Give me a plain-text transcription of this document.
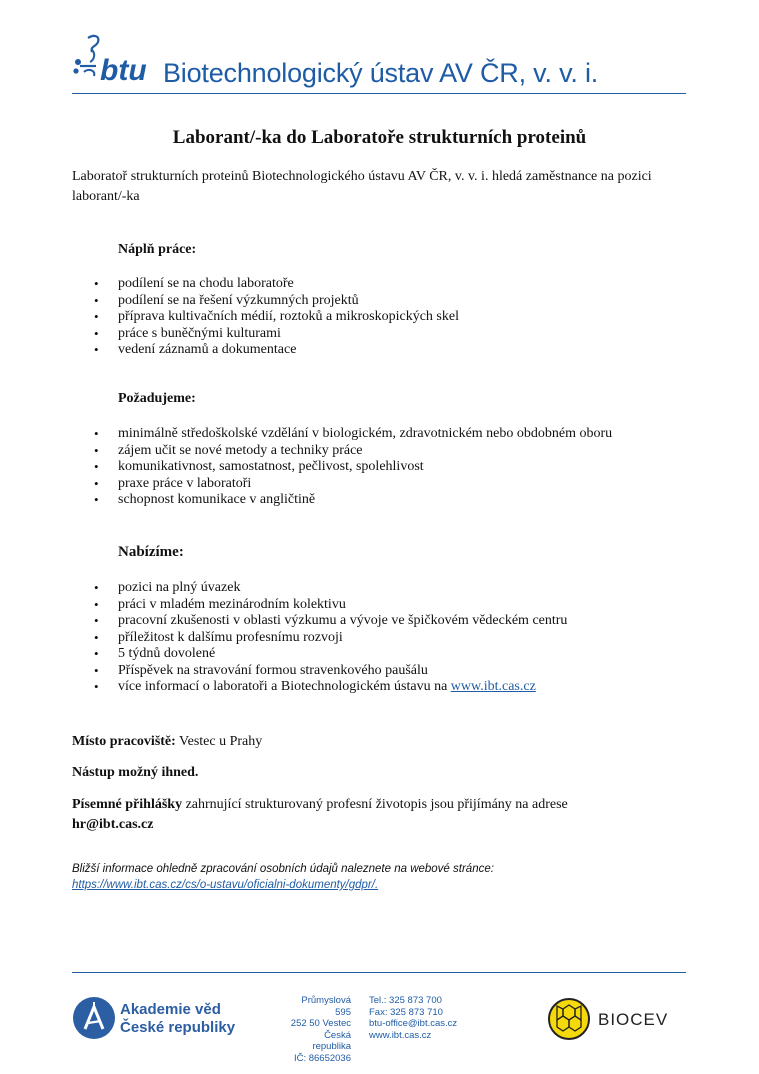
btu Biotechnologický ústav AV ČR, v. v. i.
Laborant/-ka do Laboratoře strukturních proteinů
Laboratoř strukturních proteinů Biotechnologického ústavu AV ČR, v. v. i. hledá zaměstnance na pozici laborant/-ka
Náplň práce:
• podílení se na chodu laboratoře
• podílení se na řešení výzkumných projektů
• příprava kultivačních médií, roztoků a mikroskopických skel
• práce s buněčnými kulturami
• vedení záznamů a dokumentace
Požadujeme:
• minimálně středoškolské vzdělání v biologickém, zdravotnickém nebo obdobném oboru
• zájem učit se nové metody a techniky práce
• komunikativnost, samostatnost, pečlivost, spolehlivost
• praxe práce v laboratoři
• schopnost komunikace v angličtině
Nabízíme:
• pozici na plný úvazek
• práci v mladém mezinárodním kolektivu
• pracovní zkušenosti v oblasti výzkumu a vývoje ve špičkovém vědeckém centru
• příležitost k dalšímu profesnímu rozvoji
• 5 týdnů dovolené
• Příspěvek na stravování formou stravenkového paušálu
• více informací o laboratoři a Biotechnologickém ústavu na www.ibt.cas.cz
Místo pracoviště: Vestec u Prahy
Nástup možný ihned.
Písemné přihlášky zahrnující strukturovaný profesní životopis jsou přijímány na adrese
hr@ibt.cas.cz
Bližší informace ohledně zpracování osobních údajů naleznete na webové stránce:
https://www.ibt.cas.cz/cs/o-ustavu/oficialni-dokumenty/gdpr/.
Akademie věd
České republiky
Průmyslová 595
252 50 Vestec
Česká republika
IČ: 86652036
Tel.: 325 873 700
Fax: 325 873 710
btu-office@ibt.cas.cz
www.ibt.cas.cz
BIOCEV
